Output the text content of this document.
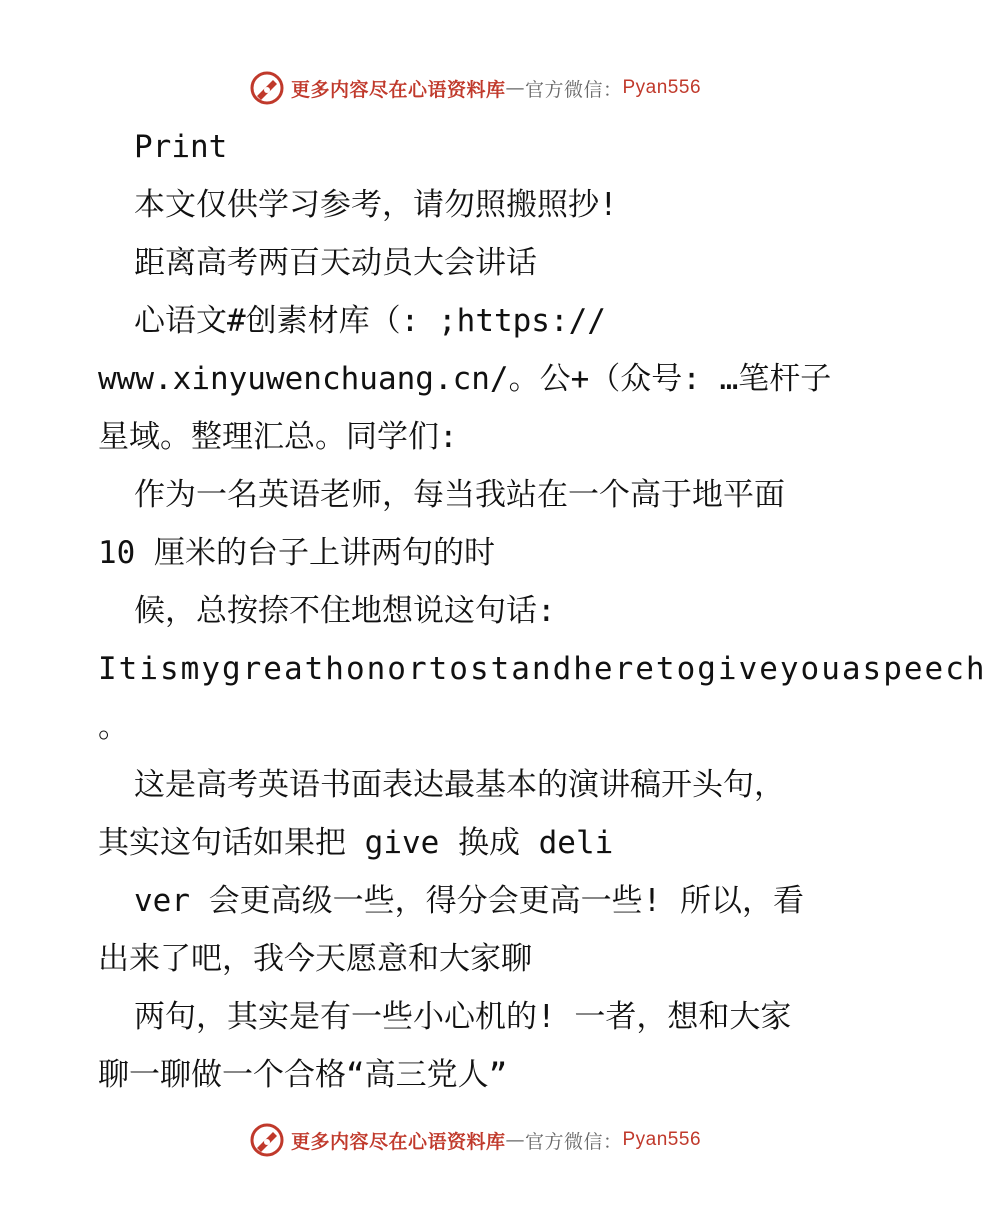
更多内容尽在心语资料库 — 官方微信： Pyan556
Print
本文仅供学习参考，请勿照搬照抄!
距离高考两百天动员大会讲话
心语文#创素材库（: ;https://
www.xinyuwenchuang.cn/。公+（众号: …笔杆子
星域。整理汇总。同学们:
作为一名英语老师，每当我站在一个高于地平面
10 厘米的台子上讲两句的时
候，总按捺不住地想说这句话:
Itismygreathonortostandheretogiveyouaspeech
。
这是高考英语书面表达最基本的演讲稿开头句，
其实这句话如果把 give 换成 deli
ver 会更高级一些，得分会更高一些! 所以，看
出来了吧，我今天愿意和大家聊
两句，其实是有一些小心机的! 一者，想和大家
聊一聊做一个合格“高三党人”
更多内容尽在心语资料库 — 官方微信： Pyan556
